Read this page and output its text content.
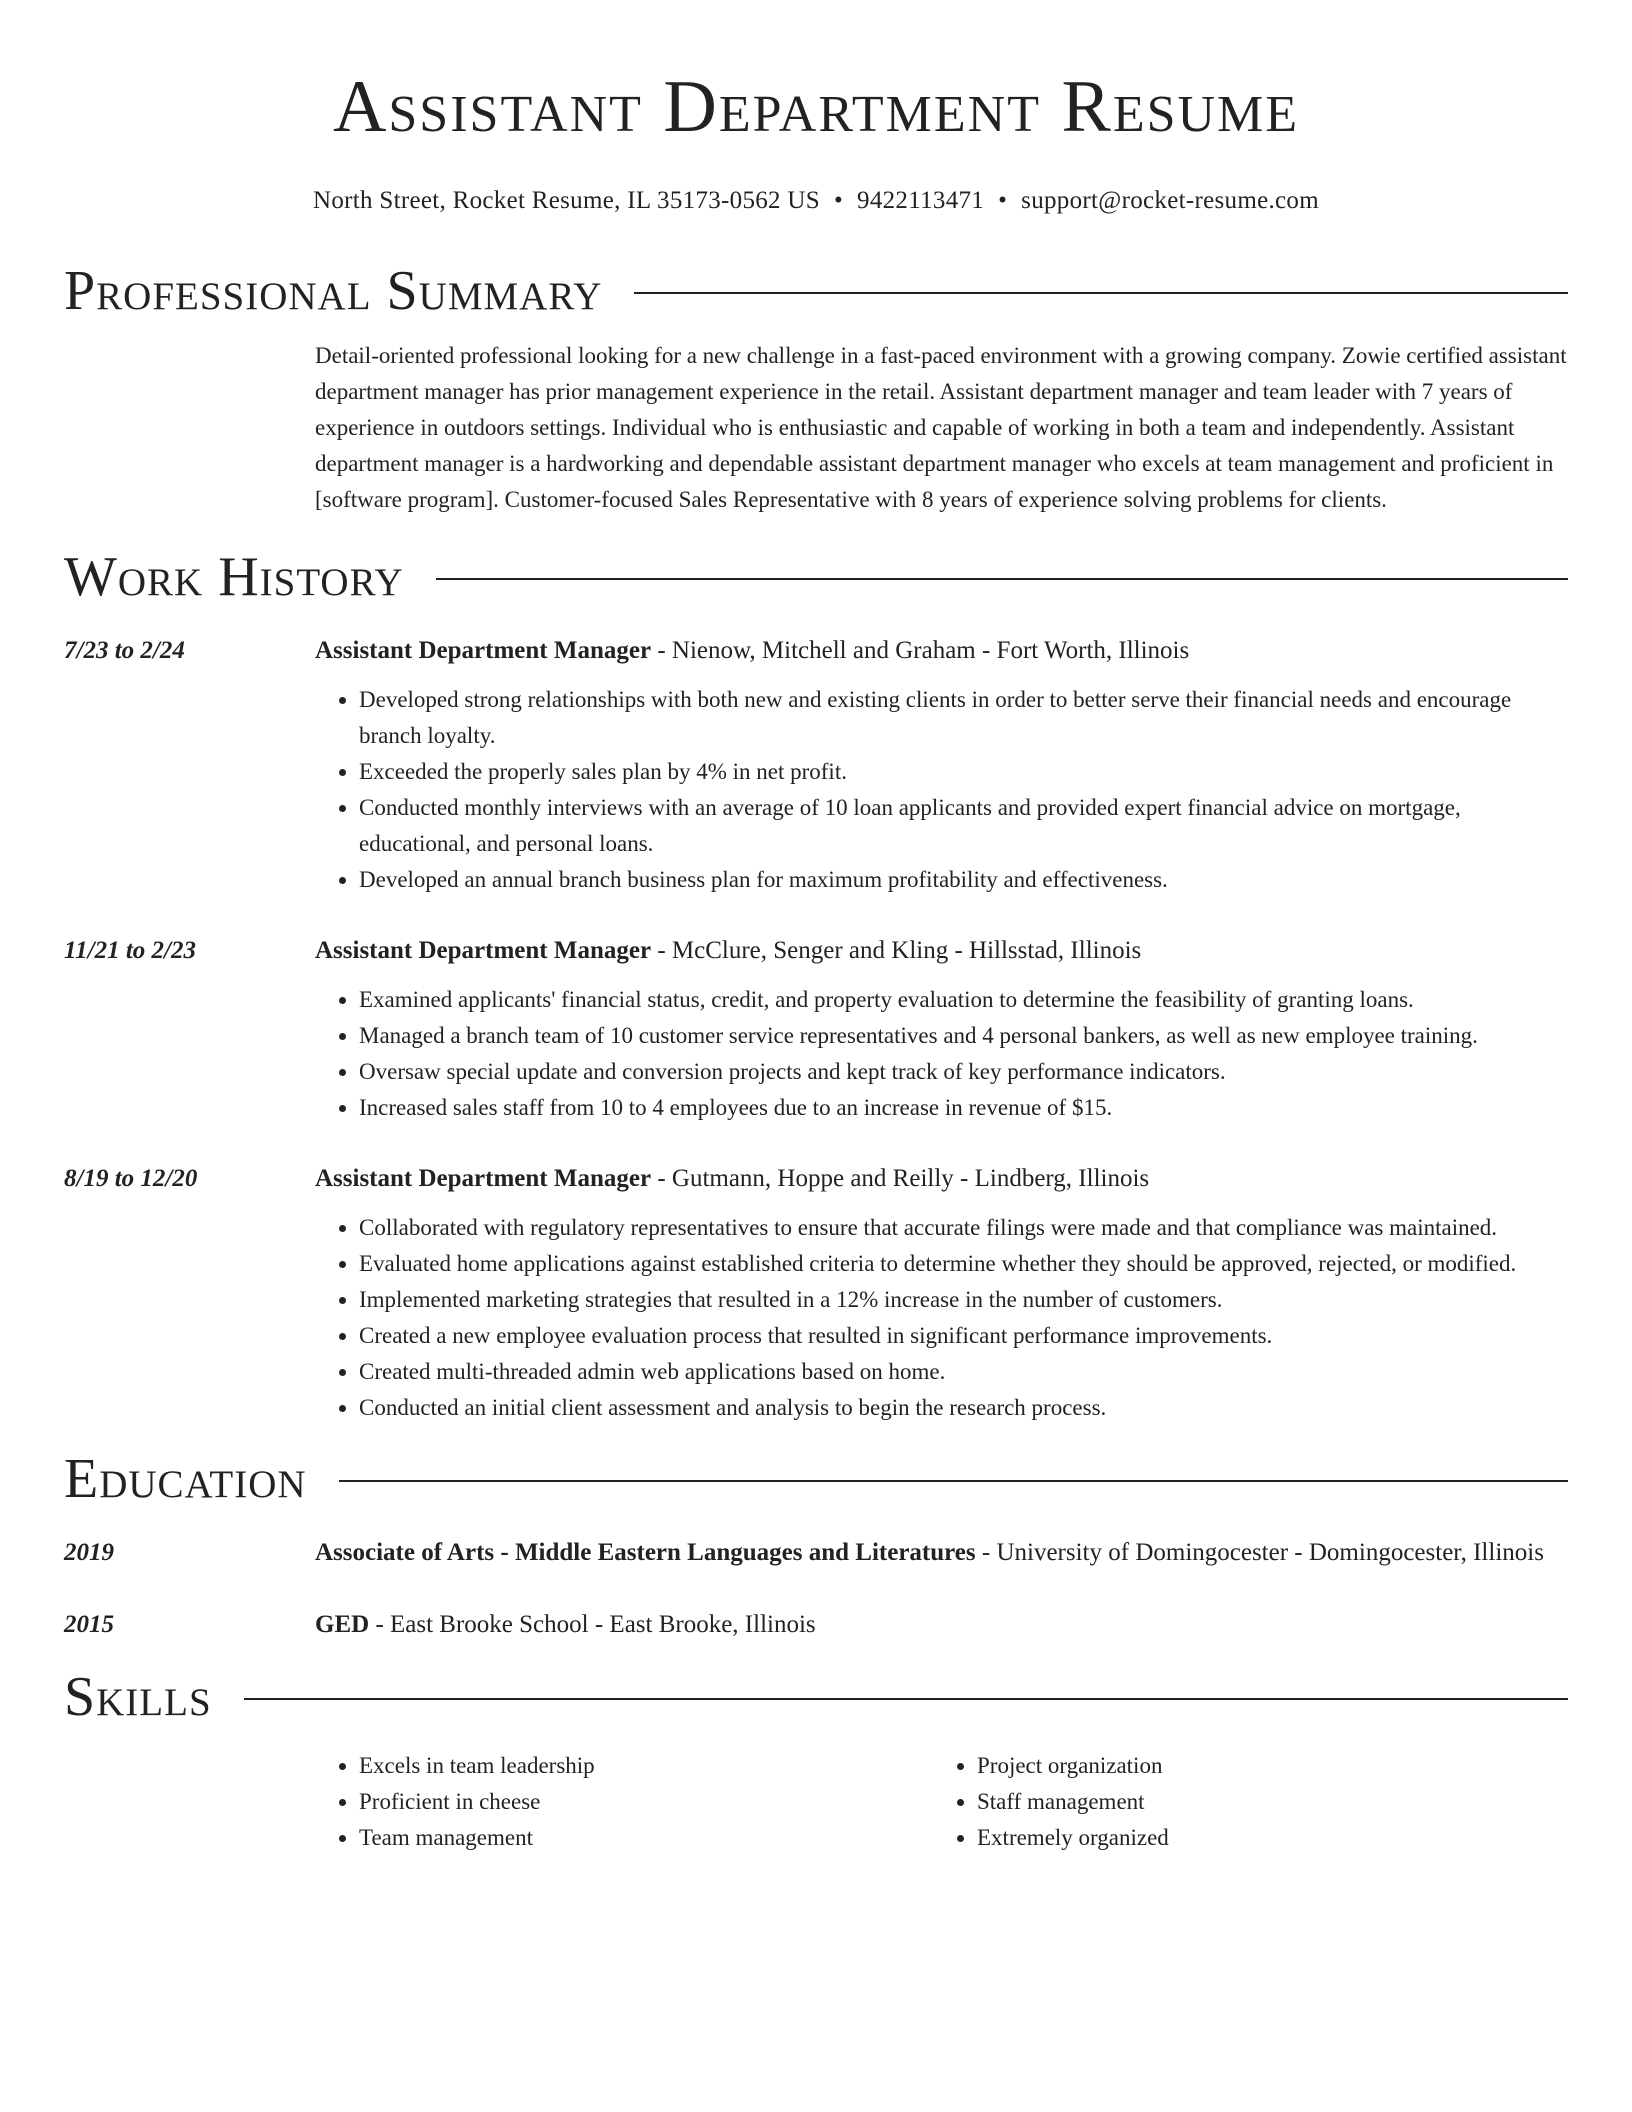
Assistant Department Resume
North Street, Rocket Resume, IL 35173-0562 US • 9422113471 • support@rocket-resume.com
Professional Summary
Detail-oriented professional looking for a new challenge in a fast-paced environment with a growing company. Zowie certified assistant department manager has prior management experience in the retail. Assistant department manager and team leader with 7 years of experience in outdoors settings. Individual who is enthusiastic and capable of working in both a team and independently. Assistant department manager is a hardworking and dependable assistant department manager who excels at team management and proficient in [software program]. Customer-focused Sales Representative with 8 years of experience solving problems for clients.
Work History
7/23 to 2/24	Assistant Department Manager - Nienow, Mitchell and Graham - Fort Worth, Illinois
• Developed strong relationships with both new and existing clients in order to better serve their financial needs and encourage branch loyalty.
• Exceeded the properly sales plan by 4% in net profit.
• Conducted monthly interviews with an average of 10 loan applicants and provided expert financial advice on mortgage, educational, and personal loans.
• Developed an annual branch business plan for maximum profitability and effectiveness.
11/21 to 2/23	Assistant Department Manager - McClure, Senger and Kling - Hillsstad, Illinois
• Examined applicants' financial status, credit, and property evaluation to determine the feasibility of granting loans.
• Managed a branch team of 10 customer service representatives and 4 personal bankers, as well as new employee training.
• Oversaw special update and conversion projects and kept track of key performance indicators.
• Increased sales staff from 10 to 4 employees due to an increase in revenue of $15.
8/19 to 12/20	Assistant Department Manager - Gutmann, Hoppe and Reilly - Lindberg, Illinois
• Collaborated with regulatory representatives to ensure that accurate filings were made and that compliance was maintained.
• Evaluated home applications against established criteria to determine whether they should be approved, rejected, or modified.
• Implemented marketing strategies that resulted in a 12% increase in the number of customers.
• Created a new employee evaluation process that resulted in significant performance improvements.
• Created multi-threaded admin web applications based on home.
• Conducted an initial client assessment and analysis to begin the research process.
Education
2019	Associate of Arts - Middle Eastern Languages and Literatures - University of Domingocester - Domingocester, Illinois
2015	GED - East Brooke School - East Brooke, Illinois
Skills
• Excels in team leadership
• Proficient in cheese
• Team management
• Project organization
• Staff management
• Extremely organized
